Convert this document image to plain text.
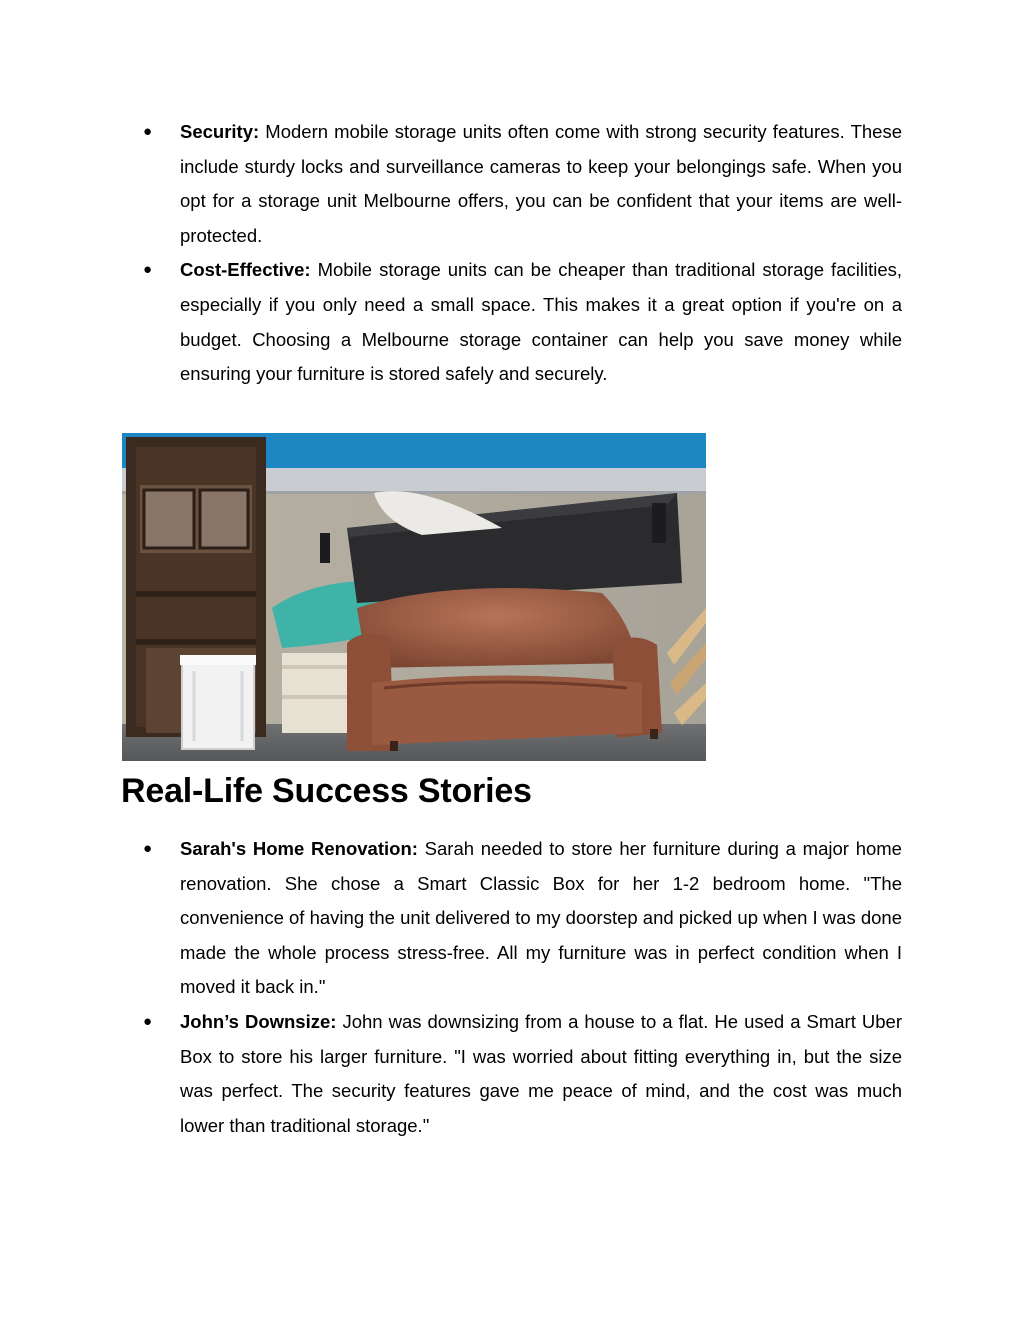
● Security: Modern mobile storage units often come with strong security features. These include sturdy locks and surveillance cameras to keep your belongings safe. When you opt for a storage unit Melbourne offers, you can be confident that your items are well-protected.
● Cost-Effective: Mobile storage units can be cheaper than traditional storage facilities, especially if you only need a small space. This makes it a great option if you're on a budget. Choosing a Melbourne storage container can help you save money while ensuring your furniture is stored safely and securely.
Real-Life Success Stories
● Sarah's Home Renovation: Sarah needed to store her furniture during a major home renovation. She chose a Smart Classic Box for her 1-2 bedroom home. "The convenience of having the unit delivered to my doorstep and picked up when I was done made the whole process stress-free. All my furniture was in perfect condition when I moved it back in."
● John’s Downsize: John was downsizing from a house to a flat. He used a Smart Uber Box to store his larger furniture. "I was worried about fitting everything in, but the size was perfect. The security features gave me peace of mind, and the cost was much lower than traditional storage."
